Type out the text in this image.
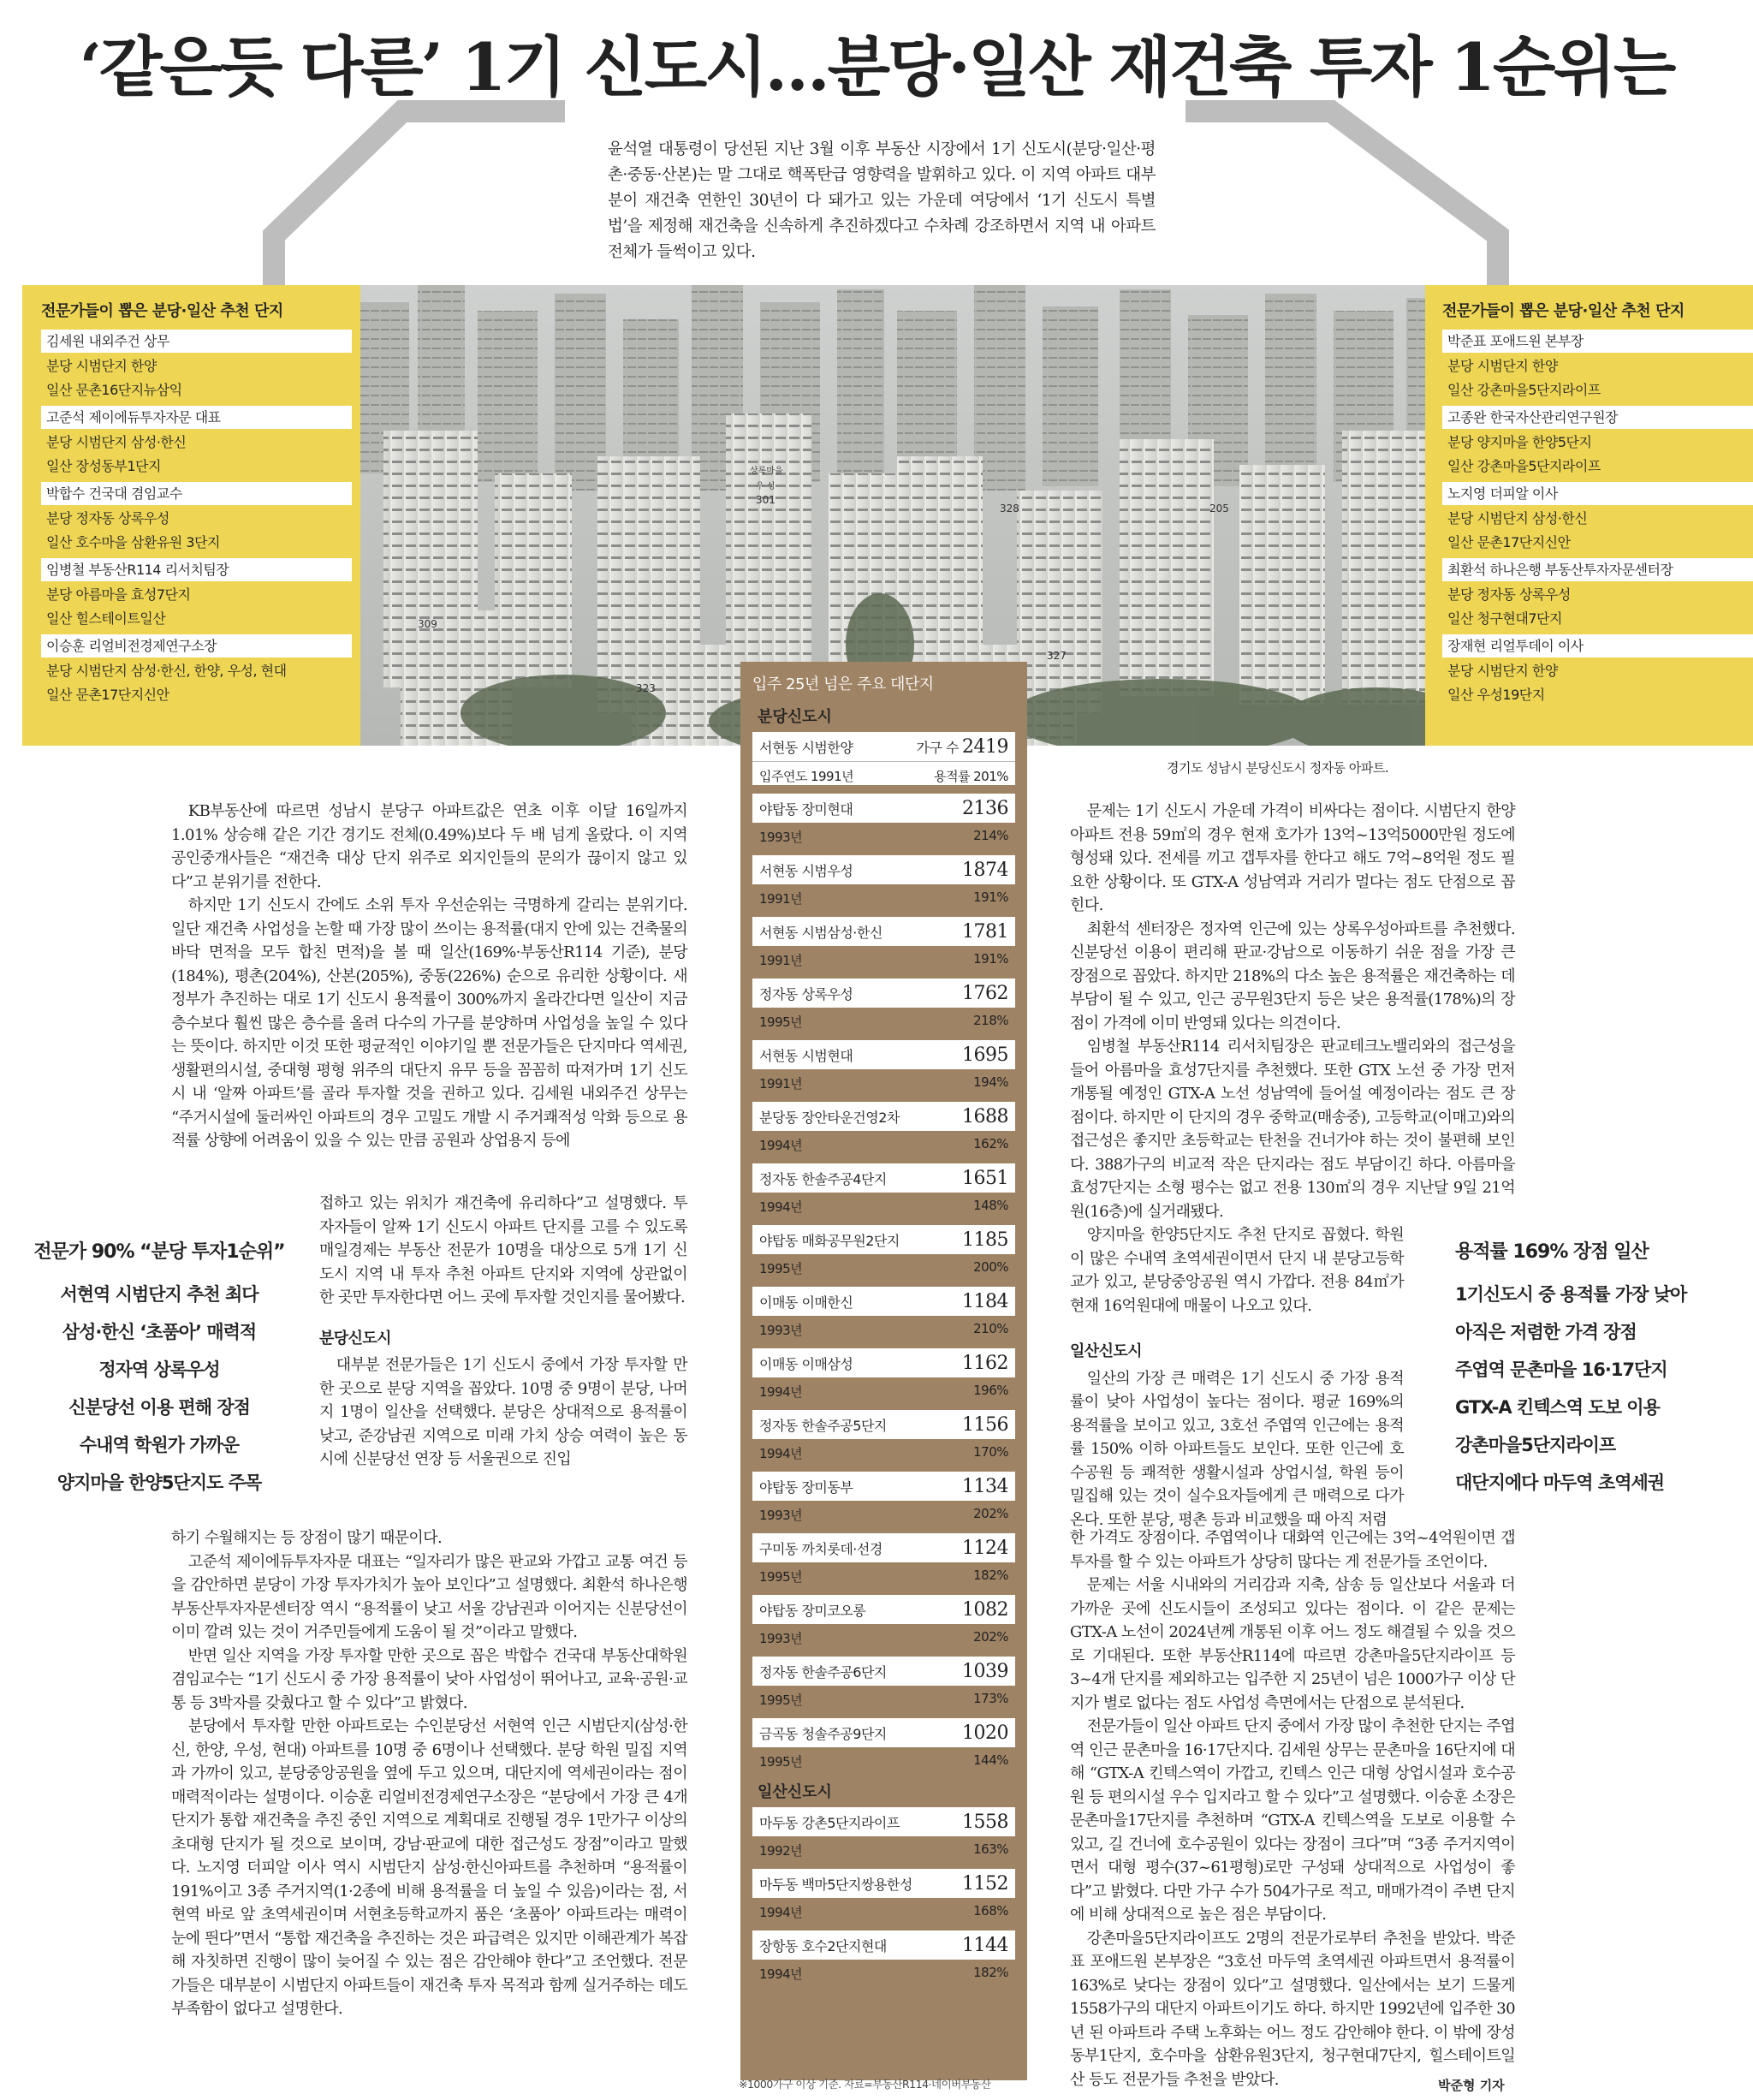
‘같은듯 다른’ 1기 신도시…분당·일산 재건축 투자 1순위는
윤석열 대통령이 당선된 지난 3월 이후 부동산 시장에서 1기 신도시(분당·일산·평촌·중동·산본)는 말 그대로 핵폭탄급 영향력을 발휘하고 있다. 이 지역 아파트 대부분이 재건축 연한인 30년이 다 돼가고 있는 가운데 여당에서 ‘1기 신도시 특별법’을 제정해 재건축을 신속하게 추진하겠다고 수차례 강조하면서 지역 내 아파트 전체가 들썩이고 있다.
309
323
301
328
327
205
상록마을
우 성
전문가들이 뽑은 분당·일산 추천 단지
김세원 내외주건 상무
분당 시범단지 한양
일산 문촌16단지뉴삼익
고준석 제이에듀투자자문 대표
분당 시범단지 삼성·한신
일산 장성동부1단지
박합수 건국대 겸임교수
분당 정자동 상록우성
일산 호수마을 삼환유원 3단지
임병철 부동산R114 리서치팀장
분당 아름마을 효성7단지
일산 힐스테이트일산
이승훈 리얼비전경제연구소장
분당 시범단지 삼성·한신, 한양, 우성, 현대
일산 문촌17단지신안
전문가들이 뽑은 분당·일산 추천 단지
박준표 포애드원 본부장
분당 시범단지 한양
일산 강촌마을5단지라이프
고종완 한국자산관리연구원장
분당 양지마을 한양5단지
일산 강촌마을5단지라이프
노지영 더피알 이사
분당 시범단지 삼성·한신
일산 문촌17단지신안
최환석 하나은행 부동산투자자문센터장
분당 정자동 상록우성
일산 청구현대7단지
장재현 리얼투데이 이사
분당 시범단지 한양
일산 우성19단지
경기도 성남시 분당신도시 정자동 아파트.
입주 25년 넘은 주요 대단지
분당신도시
서현동 시범한양	가구 수 2419
입주연도 1991년	용적률 201%
야탑동 장미현대	2136
1993년	214%
서현동 시범우성	1874
1991년	191%
서현동 시범삼성·한신	1781
1991년	191%
정자동 상록우성	1762
1995년	218%
서현동 시범현대	1695
1991년	194%
분당동 장안타운건영2차	1688
1994년	162%
정자동 한솔주공4단지	1651
1994년	148%
야탑동 매화공무원2단지	1185
1995년	200%
이매동 이매한신	1184
1993년	210%
이매동 이매삼성	1162
1994년	196%
정자동 한솔주공5단지	1156
1994년	170%
야탑동 장미동부	1134
1993년	202%
구미동 까치롯데·선경	1124
1995년	182%
야탑동 장미코오롱	1082
1993년	202%
정자동 한솔주공6단지	1039
1995년	173%
금곡동 청솔주공9단지	1020
1995년	144%
일산신도시
마두동 강촌5단지라이프	1558
1992년	163%
마두동 백마5단지쌍용한성	1152
1994년	168%
장항동 호수2단지현대	1144
1994년	182%
※1000가구 이상 기준. 자료=부동산R114·네이버부동산

KB부동산에 따르면 성남시 분당구 아파트값은 연초 이후 이달 16일까지 1.01% 상승해 같은 기간 경기도 전체(0.49%)보다 두 배 넘게 올랐다. 이 지역 공인중개사들은 “재건축 대상 단지 위주로 외지인들의 문의가 끊이지 않고 있다”고 분위기를 전한다.

하지만 1기 신도시 간에도 소위 투자 우선순위는 극명하게 갈리는 분위기다. 일단 재건축 사업성을 논할 때 가장 많이 쓰이는 용적률(대지 안에 있는 건축물의 바닥 면적을 모두 합친 면적)을 볼 때 일산(169%·부동산R114 기준), 분당(184%), 평촌(204%), 산본(205%), 중동(226%) 순으로 유리한 상황이다. 새 정부가 추진하는 대로 1기 신도시 용적률이 300%까지 올라간다면 일산이 지금 층수보다 훨씬 많은 층수를 올려 다수의 가구를 분양하며 사업성을 높일 수 있다는 뜻이다. 하지만 이것 또한 평균적인 이야기일 뿐 전문가들은 단지마다 역세권, 생활편의시설, 중대형 평형 위주의 대단지 유무 등을 꼼꼼히 따져가며 1기 신도시 내 ‘알짜 아파트’를 골라 투자할 것을 권하고 있다. 김세원 내외주건 상무는 “주거시설에 둘러싸인 아파트의 경우 고밀도 개발 시 주거쾌적성 악화 등으로 용적률 상향에 어려움이 있을 수 있는 만큼 공원과 상업용지 등에

접하고 있는 위치가 재건축에 유리하다”고 설명했다. 투자자들이 알짜 1기 신도시 아파트 단지를 고를 수 있도록 매일경제는 부동산 전문가 10명을 대상으로 5개 1기 신도시 지역 내 투자 추천 아파트 단지와 지역에 상관없이 한 곳만 투자한다면 어느 곳에 투자할 것인지를 물어봤다.

분당신도시

대부분 전문가들은 1기 신도시 중에서 가장 투자할 만한 곳으로 분당 지역을 꼽았다. 10명 중 9명이 분당, 나머지 1명이 일산을 선택했다. 분당은 상대적으로 용적률이 낮고, 준강남권 지역으로 미래 가치 상승 여력이 높은 동시에 신분당선 연장 등 서울권으로 진입

하기 수월해지는 등 장점이 많기 때문이다.

고준석 제이에듀투자자문 대표는 “일자리가 많은 판교와 가깝고 교통 여건 등을 감안하면 분당이 가장 투자가치가 높아 보인다”고 설명했다. 최환석 하나은행 부동산투자자문센터장 역시 “용적률이 낮고 서울 강남권과 이어지는 신분당선이 이미 깔려 있는 것이 거주민들에게 도움이 될 것”이라고 말했다.

반면 일산 지역을 가장 투자할 만한 곳으로 꼽은 박합수 건국대 부동산대학원 겸임교수는 “1기 신도시 중 가장 용적률이 낮아 사업성이 뛰어나고, 교육·공원·교통 등 3박자를 갖췄다고 할 수 있다”고 밝혔다.

분당에서 투자할 만한 아파트로는 수인분당선 서현역 인근 시범단지(삼성·한신, 한양, 우성, 현대) 아파트를 10명 중 6명이나 선택했다. 분당 학원 밀집 지역과 가까이 있고, 분당중앙공원을 옆에 두고 있으며, 대단지에 역세권이라는 점이 매력적이라는 설명이다. 이승훈 리얼비전경제연구소장은 “분당에서 가장 큰 4개 단지가 통합 재건축을 추진 중인 지역으로 계획대로 진행될 경우 1만가구 이상의 초대형 단지가 될 것으로 보이며, 강남·판교에 대한 접근성도 장점”이라고 말했다. 노지영 더피알 이사 역시 시범단지 삼성·한신아파트를 추천하며 “용적률이 191%이고 3종 주거지역(1·2종에 비해 용적률을 더 높일 수 있음)이라는 점, 서현역 바로 앞 초역세권이며 서현초등학교까지 품은 ‘초품아’ 아파트라는 매력이 눈에 띈다”면서 “통합 재건축을 추진하는 것은 파급력은 있지만 이해관계가 복잡해 자칫하면 진행이 많이 늦어질 수 있는 점은 감안해야 한다”고 조언했다. 전문가들은 대부분이 시범단지 아파트들이 재건축 투자 목적과 함께 실거주하는 데도 부족함이 없다고 설명한다.

전문가 90% “분당 투자1순위”
서현역 시범단지 추천 최다
삼성·한신 ‘초품아’ 매력적
정자역 상록우성
신분당선 이용 편해 장점
수내역 학원가 가까운
양지마을 한양5단지도 주목

문제는 1기 신도시 가운데 가격이 비싸다는 점이다. 시범단지 한양아파트 전용 59㎡의 경우 현재 호가가 13억~13억5000만원 정도에 형성돼 있다. 전세를 끼고 갭투자를 한다고 해도 7억~8억원 정도 필요한 상황이다. 또 GTX-A 성남역과 거리가 멀다는 점도 단점으로 꼽힌다.

최환석 센터장은 정자역 인근에 있는 상록우성아파트를 추천했다. 신분당선 이용이 편리해 판교·강남으로 이동하기 쉬운 점을 가장 큰 장점으로 꼽았다. 하지만 218%의 다소 높은 용적률은 재건축하는 데 부담이 될 수 있고, 인근 공무원3단지 등은 낮은 용적률(178%)의 장점이 가격에 이미 반영돼 있다는 의견이다.

임병철 부동산R114 리서치팀장은 판교테크노밸리와의 접근성을 들어 아름마을 효성7단지를 추천했다. 또한 GTX 노선 중 가장 먼저 개통될 예정인 GTX-A 노선 성남역에 들어설 예정이라는 점도 큰 장점이다. 하지만 이 단지의 경우 중학교(매송중), 고등학교(이매고)와의 접근성은 좋지만 초등학교는 탄천을 건너가야 하는 것이 불편해 보인다. 388가구의 비교적 작은 단지라는 점도 부담이긴 하다. 아름마을 효성7단지는 소형 평수는 없고 전용 130㎡의 경우 지난달 9일 21억원(16층)에 실거래됐다.

양지마을 한양5단지도 추천 단지로 꼽혔다. 학원이 많은 수내역 초역세권이면서 단지 내 분당고등학교가 있고, 분당중앙공원 역시 가깝다. 전용 84㎡가 현재 16억원대에 매물이 나오고 있다.

일산신도시

일산의 가장 큰 매력은 1기 신도시 중 가장 용적률이 낮아 사업성이 높다는 점이다. 평균 169%의 용적률을 보이고 있고, 3호선 주엽역 인근에는 용적률 150% 이하 아파트들도 보인다. 또한 인근에 호수공원 등 쾌적한 생활시설과 상업시설, 학원 등이 밀집해 있는 것이 실수요자들에게 큰 매력으로 다가온다. 또한 분당, 평촌 등과 비교했을 때 아직 저렴

한 가격도 장점이다. 주엽역이나 대화역 인근에는 3억~4억원이면 갭투자를 할 수 있는 아파트가 상당히 많다는 게 전문가들 조언이다.

문제는 서울 시내와의 거리감과 지축, 삼송 등 일산보다 서울과 더 가까운 곳에 신도시들이 조성되고 있다는 점이다. 이 같은 문제는 GTX-A 노선이 2024년께 개통된 이후 어느 정도 해결될 수 있을 것으로 기대된다. 또한 부동산R114에 따르면 강촌마을5단지라이프 등 3~4개 단지를 제외하고는 입주한 지 25년이 넘은 1000가구 이상 단지가 별로 없다는 점도 사업성 측면에서는 단점으로 분석된다.

전문가들이 일산 아파트 단지 중에서 가장 많이 추천한 단지는 주엽역 인근 문촌마을 16·17단지다. 김세원 상무는 문촌마을 16단지에 대해 “GTX-A 킨텍스역이 가깝고, 킨텍스 인근 대형 상업시설과 호수공원 등 편의시설 우수 입지라고 할 수 있다”고 설명했다. 이승훈 소장은 문촌마을17단지를 추천하며 “GTX-A 킨텍스역을 도보로 이용할 수 있고, 길 건너에 호수공원이 있다는 장점이 크다”며 “3종 주거지역이면서 대형 평수(37~61평형)로만 구성돼 상대적으로 사업성이 좋다”고 밝혔다. 다만 가구 수가 504가구로 적고, 매매가격이 주변 단지에 비해 상대적으로 높은 점은 부담이다.

강촌마을5단지라이프도 2명의 전문가로부터 추천을 받았다. 박준표 포애드원 본부장은 “3호선 마두역 초역세권 아파트면서 용적률이 163%로 낮다는 장점이 있다”고 설명했다. 일산에서는 보기 드물게 1558가구의 대단지 아파트이기도 하다. 하지만 1992년에 입주한 30년 된 아파트라 주택 노후화는 어느 정도 감안해야 한다. 이 밖에 장성동부1단지, 호수마을 삼환유원3단지, 청구현대7단지, 힐스테이트일산 등도 전문가들 추천을 받았다.

용적률 169% 장점 일산
1기신도시 중 용적률 가장 낮아
아직은 저렴한 가격 장점
주엽역 문촌마을 16·17단지
GTX-A 킨텍스역 도보 이용
강촌마을5단지라이프
대단지에다 마두역 초역세권
박준형 기자
